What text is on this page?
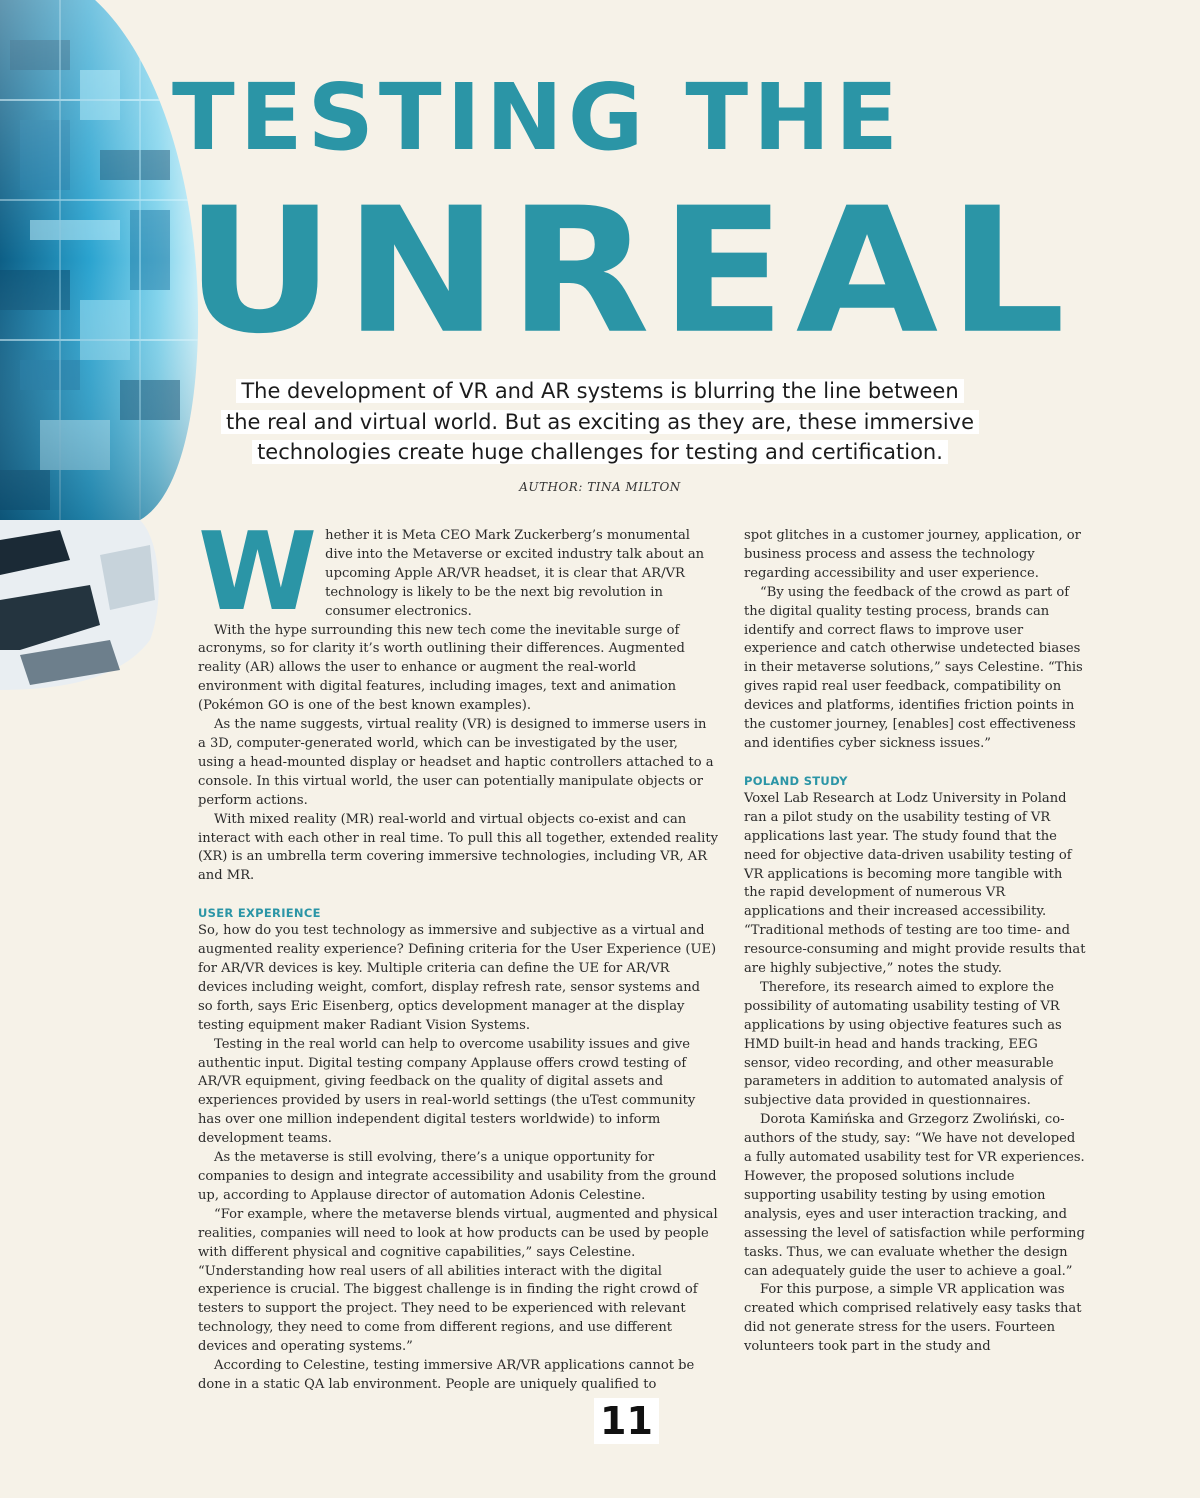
TESTING THE
UNREAL
The development of VR and AR systems is blurring the line between
the real and virtual world. But as exciting as they are, these immersive
technologies create huge challenges for testing and certification.
AUTHOR: TINA MILTON

Whether it is Meta CEO Mark Zuckerberg’s monumental dive into the Metaverse or excited industry talk about an upcoming Apple AR/VR headset, it is clear that AR/VR technology is likely to be the next big revolution in consumer electronics.

With the hype surrounding this new tech come the inevitable surge of acronyms, so for clarity it’s worth outlining their differences. Augmented reality (AR) allows the user to enhance or augment the real-world environment with digital features, including images, text and animation (Pokémon GO is one of the best known examples).

As the name suggests, virtual reality (VR) is designed to immerse users in a 3D, computer-generated world, which can be investigated by the user, using a head-mounted display or headset and haptic controllers attached to a console. In this virtual world, the user can potentially manipulate objects or perform actions.

With mixed reality (MR) real-world and virtual objects co-exist and can interact with each other in real time. To pull this all together, extended reality (XR) is an umbrella term covering immersive technologies, including VR, AR and MR.

USER EXPERIENCE

So, how do you test technology as immersive and subjective as a virtual and augmented reality experience? Defining criteria for the User Experience (UE) for AR/VR devices is key. Multiple criteria can define the UE for AR/VR devices including weight, comfort, display refresh rate, sensor systems and so forth, says Eric Eisenberg, optics development manager at the display testing equipment maker Radiant Vision Systems.

Testing in the real world can help to overcome usability issues and give authentic input. Digital testing company Applause offers crowd testing of AR/VR equipment, giving feedback on the quality of digital assets and experiences provided by users in real-world settings (the uTest community has over one million independent digital testers worldwide) to inform development teams.

As the metaverse is still evolving, there’s a unique opportunity for companies to design and integrate accessibility and usability from the ground up, according to Applause director of automation Adonis Celestine.

“For example, where the metaverse blends virtual, augmented and physical realities, companies will need to look at how products can be used by people with different physical and cognitive capabilities,” says Celestine. “Understanding how real users of all abilities interact with the digital experience is crucial. The biggest challenge is in finding the right crowd of testers to support the project. They need to be experienced with relevant technology, they need to come from different regions, and use different devices and operating systems.”

According to Celestine, testing immersive AR/VR applications cannot be done in a static QA lab environment. People are uniquely qualified to

spot glitches in a customer journey, application, or business process and assess the technology regarding accessibility and user experience.

“By using the feedback of the crowd as part of the digital quality testing process, brands can identify and correct flaws to improve user experience and catch otherwise undetected biases in their metaverse solutions,” says Celestine. “This gives rapid real user feedback, compatibility on devices and platforms, identifies friction points in the customer journey, [enables] cost effectiveness and identifies cyber sickness issues.”

POLAND STUDY

Voxel Lab Research at Lodz University in Poland ran a pilot study on the usability testing of VR applications last year. The study found that the need for objective data-driven usability testing of VR applications is becoming more tangible with the rapid development of numerous VR applications and their increased accessibility. “Traditional methods of testing are too time- and resource-consuming and might provide results that are highly subjective,” notes the study.

Therefore, its research aimed to explore the possibility of automating usability testing of VR applications by using objective features such as HMD built-in head and hands tracking, EEG sensor, video recording, and other measurable parameters in addition to automated analysis of subjective data provided in questionnaires.

Dorota Kamińska and Grzegorz Zwoliński, co-authors of the study, say: “We have not developed a fully automated usability test for VR experiences. However, the proposed solutions include supporting usability testing by using emotion analysis, eyes and user interaction tracking, and assessing the level of satisfaction while performing tasks. Thus, we can evaluate whether the design can adequately guide the user to achieve a goal.”

For this purpose, a simple VR application was created which comprised relatively easy tasks that did not generate stress for the users. Fourteen volunteers took part in the study and

11
